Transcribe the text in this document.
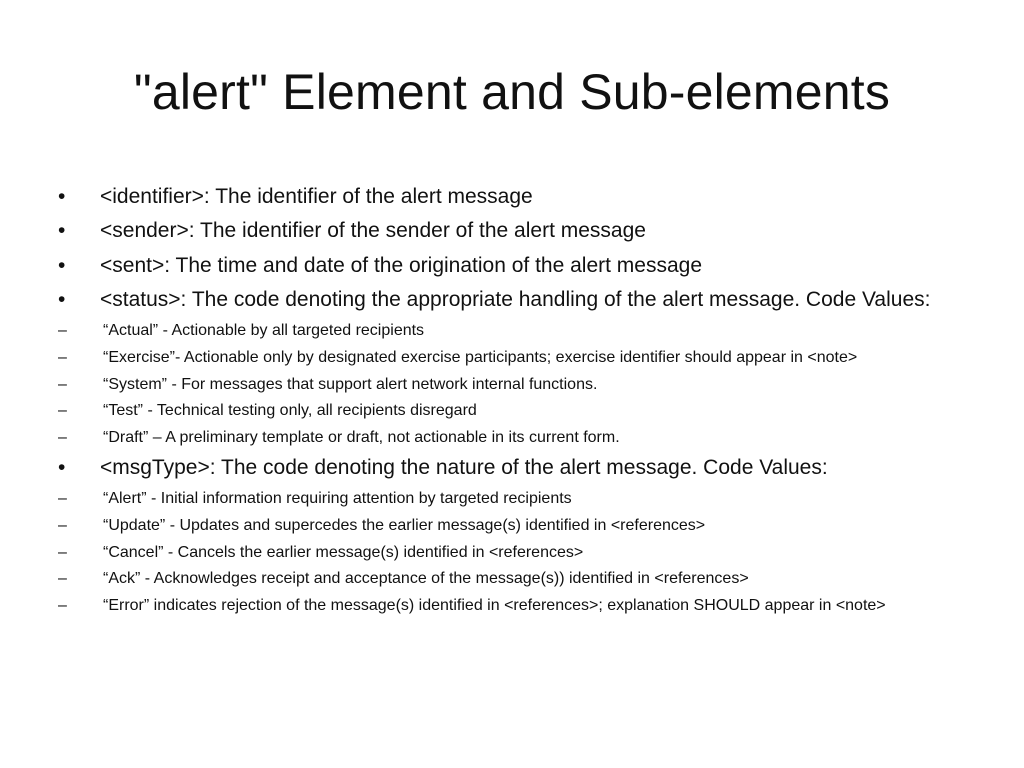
"alert" Element and Sub-elements
•	<identifier>: The identifier of the alert message
•	<sender>: The identifier of the sender of the alert message
•	<sent>: The time and date of the origination of the alert message
•	<status>: The code denoting the appropriate handling of the alert message. Code Values:
–	“Actual” - Actionable by all targeted recipients
–	“Exercise”- Actionable only by designated exercise participants; exercise identifier should appear in <note>
–	“System” - For messages that support alert network internal functions.
–	“Test” - Technical testing only, all recipients disregard
–	“Draft” – A preliminary template or draft, not actionable in its current form.
•	<msgType>: The code denoting the nature of the alert message. Code Values:
–	“Alert” - Initial information requiring attention by targeted recipients
–	“Update” - Updates and supercedes the earlier message(s) identified in <references>
–	“Cancel” - Cancels the earlier message(s) identified in <references>
–	“Ack” - Acknowledges receipt and acceptance of the message(s)) identified in <references>
–	“Error” indicates rejection of the message(s) identified in <references>; explanation SHOULD appear in <note>
